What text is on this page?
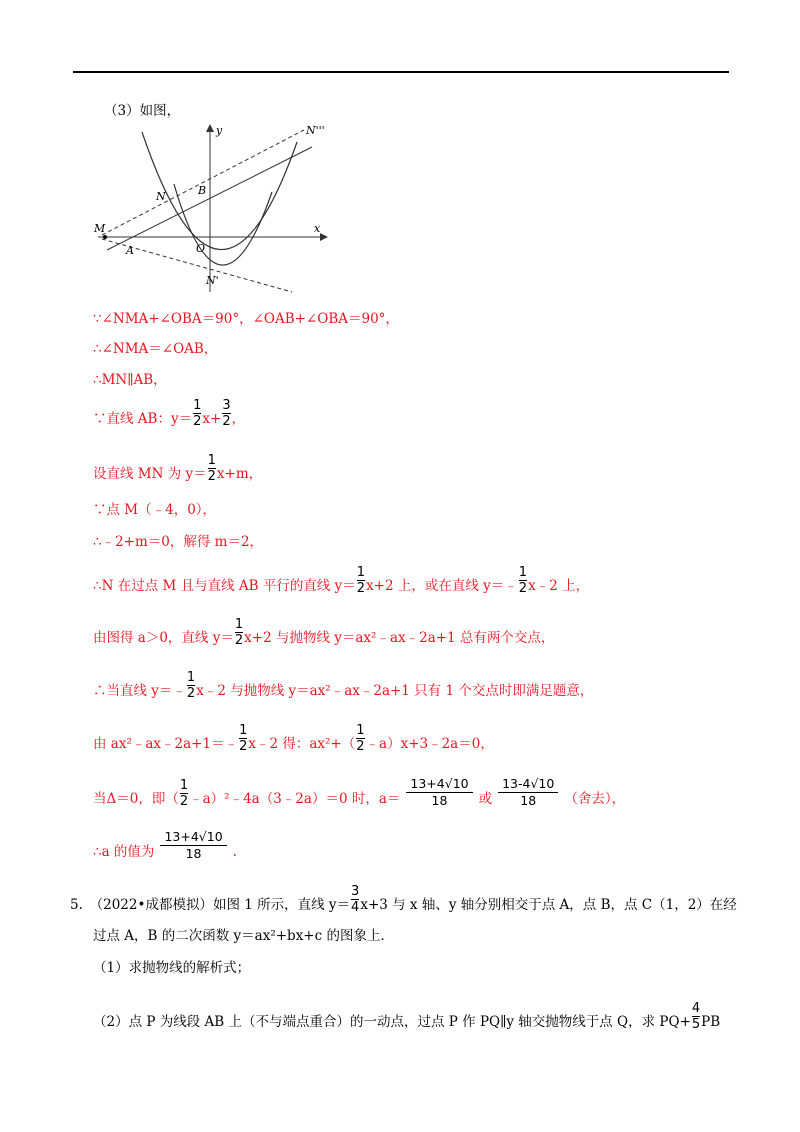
（3）如图，
y	N'''
N	B
M
A	O
x
N'
∵∠NMA+∠OBA＝90°，∠OAB+∠OBA＝90°，
∴∠NMA＝∠OAB，
∴MN∥AB，
∵直线 AB：$y= \frac{1}{2} x+ \frac{3}{2}$ ，
设直线 MN 为 $y= \frac{1}{2} x+m$，
∵点 M（﹣4，0），
∴﹣2+m＝0，解得 m＝2，
∴N 在过点 M 且与直线 AB 平行的直线 $y= \frac{1}{2} x+2$ 上，或在直线 y＝﹣ $\frac{1}{2}$ x﹣2 上，
由图得 a＞0，直线 $y= \frac{1}{2} x+2$ 与抛物线 y＝ax²﹣ax﹣2a+1 总有两个交点，
∴当直线 y＝﹣ $\frac{1}{2}$ x﹣2 与抛物线 y＝ax²﹣ax﹣2a+1 只有 1 个交点时即满足题意，
由 ax²﹣ax﹣2a+1＝﹣ $\frac{1}{2}$ x﹣2 得：$ax^2+( \frac{1}{2}$ ﹣a）x+3﹣2a＝0，
当Δ＝0，即（ $\frac{1}{2}$ ﹣a）²﹣4a（3﹣2a）＝0 时，$a= \frac{13+4√10}{18}$ 或 $\frac{13-4√10}{18}$ （舍去），
∴a 的值为 $\frac{13+4√10}{18}$ .
5.　（2022•成都模拟）如图 1 所示，直线 $y= \frac{3}{4} x+3$ 与 x 轴、y 轴分别相交于点 A，点 B，点 C（1，2）在经
过点 A，B 的二次函数 y＝ax²+bx+c 的图象上．
（1）求抛物线的解析式；
（2）点 P 为线段 AB 上（不与端点重合）的一动点，过点 P 作 PQ∥y 轴交抛物线于点 Q，求 $PQ+ \frac{4}{5}$ PB
